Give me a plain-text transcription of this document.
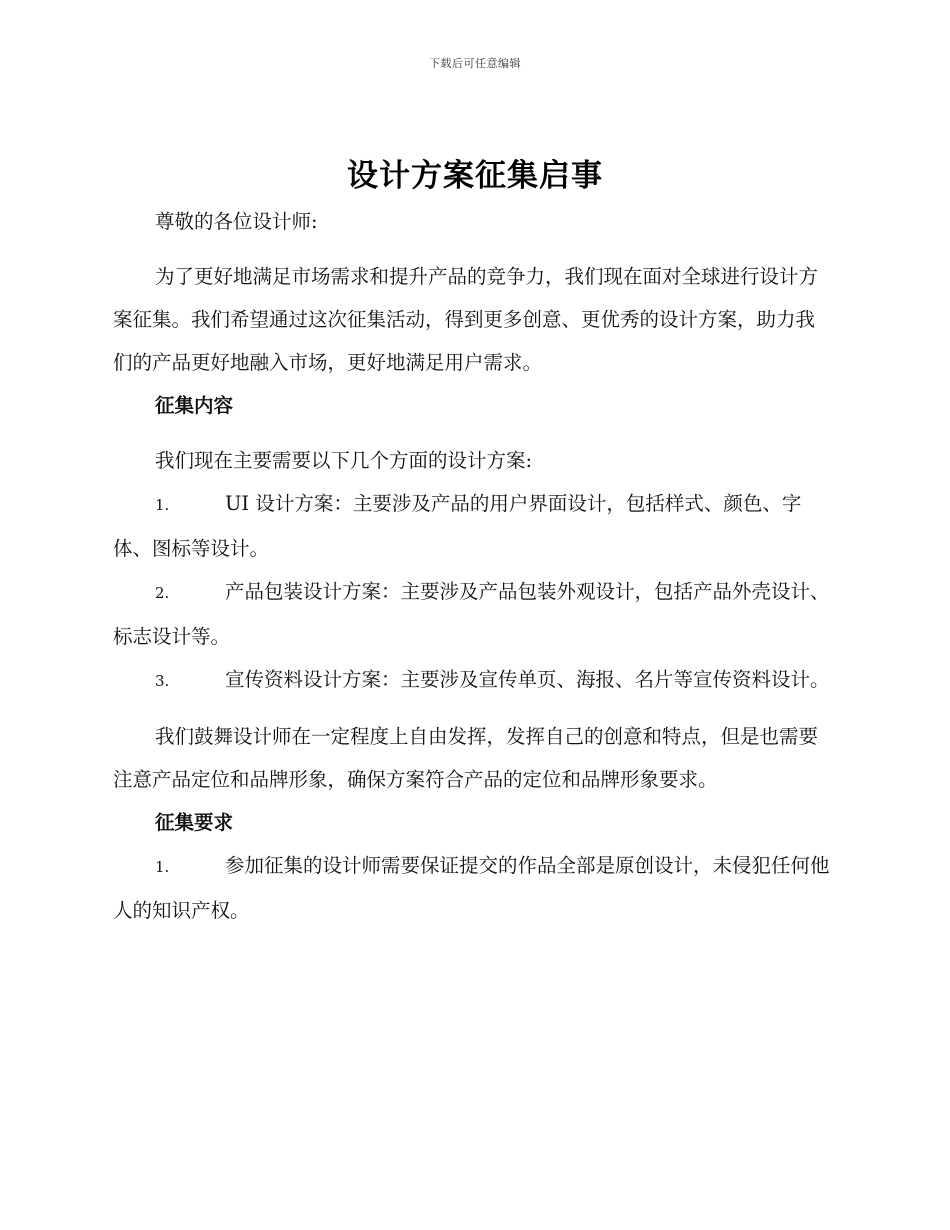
下载后可任意编辑
设计方案征集启事

尊敬的各位设计师:

为了更好地满足市场需求和提升产品的竞争力，我们现在面对全球进行设计方案征集。我们希望通过这次征集活动，得到更多创意、更优秀的设计方案，助力我们的产品更好地融入市场，更好地满足用户需求。

征集内容

我们现在主要需要以下几个方面的设计方案:

1.	UI 设计方案：主要涉及产品的用户界面设计，包括样式、颜色、字体、图标等设计。

2.	产品包装设计方案：主要涉及产品包装外观设计，包括产品外壳设计、标志设计等。

3.	宣传资料设计方案：主要涉及宣传单页、海报、名片等宣传资料设计。

我们鼓舞设计师在一定程度上自由发挥，发挥自己的创意和特点，但是也需要注意产品定位和品牌形象，确保方案符合产品的定位和品牌形象要求。

征集要求

1.	参加征集的设计师需要保证提交的作品全部是原创设计，未侵犯任何他人的知识产权。
